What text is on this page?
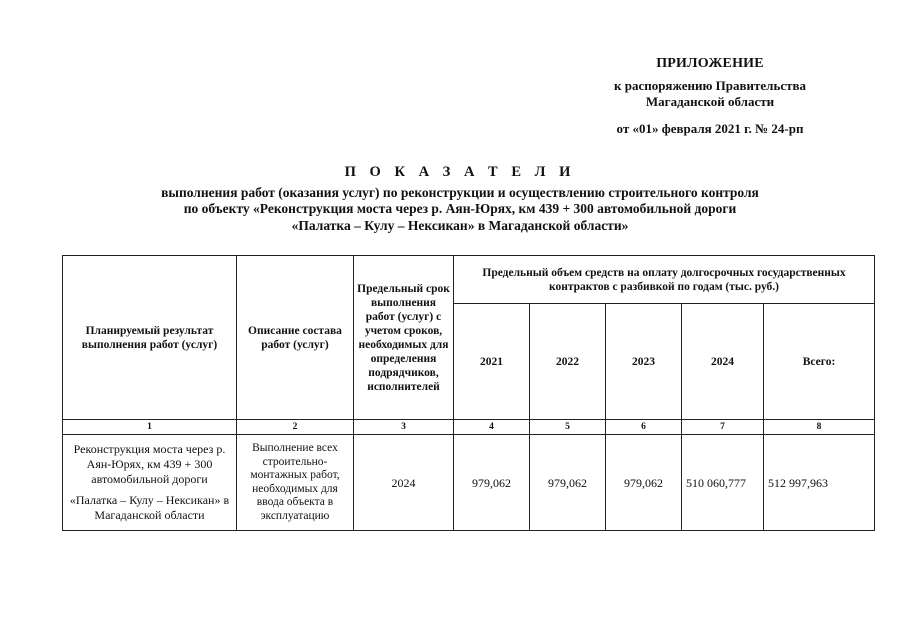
ПРИЛОЖЕНИЕ
к распоряжению Правительства
Магаданской области
от «01» февраля 2021 г. № 24-рп
П О К А З А Т Е Л И
выполнения работ (оказания услуг) по реконструкции и осуществлению строительного контроля
по объекту «Реконструкция моста через р. Аян-Юрях, км 439 + 300 автомобильной дороги
«Палатка – Кулу – Нексикан» в Магаданской области»
Планируемый результат выполнения работ (услуг)	Описание состава работ (услуг)	Предельный срок выполнения работ (услуг) с учетом сроков, необходимых для определения подрядчиков, исполнителей	Предельный объем средств на оплату долгосрочных государственных контрактов с разбивкой по годам (тыс. руб.)				
			2021	2022	2023	2024	Всего:
1	2	3	4	5	6	7	8
Реконструкция моста через р. Аян-Юрях, км 439 + 300 автомобильной дороги
«Палатка – Кулу – Нексикан» в Магаданской области	Выполнение всех строительно-монтажных работ, необходимых для ввода объекта в эксплуатацию	2024	979,062	979,062	979,062	510 060,777	512 997,963
